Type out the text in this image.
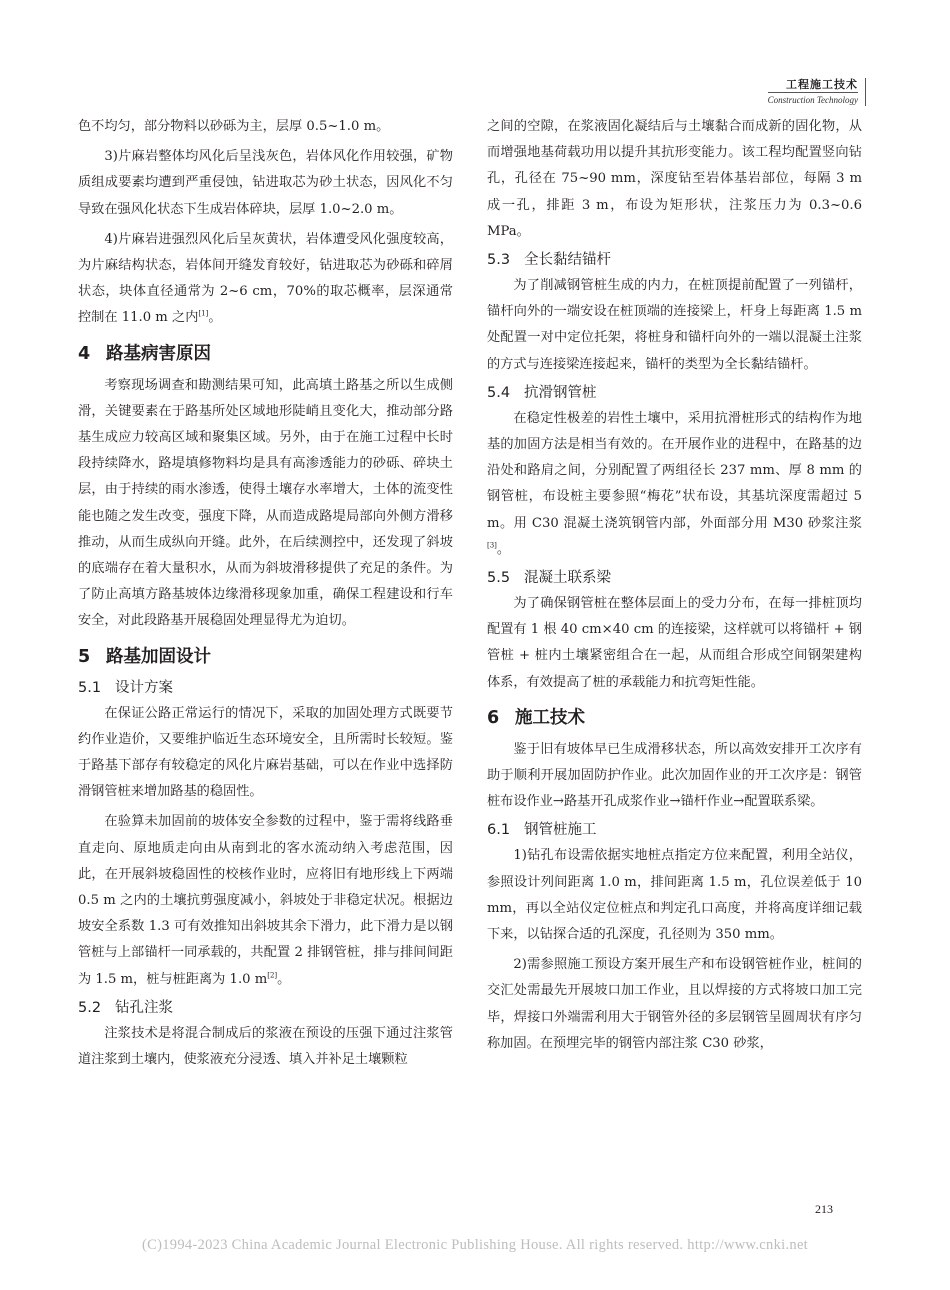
工程施工技术
Construction Technology

色不均匀，部分物料以砂砾为主，层厚 0.5~1.0 m。

3)片麻岩整体均风化后呈浅灰色，岩体风化作用较强，矿物质组成要素均遭到严重侵蚀，钻进取芯为砂土状态，因风化不匀导致在强风化状态下生成岩体碎块，层厚 1.0~2.0 m。

4)片麻岩进强烈风化后呈灰黄状，岩体遭受风化强度较高，为片麻结构状态，岩体间开缝发育较好，钻进取芯为砂砾和碎屑状态，块体直径通常为 2~6 cm，70%的取芯概率，层深通常控制在 11.0 m 之内[1]。

4 路基病害原因

考察现场调查和勘测结果可知，此高填土路基之所以生成侧滑，关键要素在于路基所处区域地形陡峭且变化大，推动部分路基生成应力较高区域和聚集区域。另外，由于在施工过程中长时段持续降水，路堤填修物料均是具有高渗透能力的砂砾、碎块土层，由于持续的雨水渗透，使得土壤存水率增大，土体的流变性能也随之发生改变，强度下降，从而造成路堤局部向外侧方滑移推动，从而生成纵向开缝。此外，在后续测控中，还发现了斜坡的底端存在着大量积水，从而为斜坡滑移提供了充足的条件。为了防止高填方路基坡体边缘滑移现象加重，确保工程建设和行车安全，对此段路基开展稳固处理显得尤为迫切。

5 路基加固设计
5.1 设计方案

在保证公路正常运行的情况下，采取的加固处理方式既要节约作业造价，又要维护临近生态环境安全，且所需时长较短。鉴于路基下部存有较稳定的风化片麻岩基础，可以在作业中选择防滑钢管桩来增加路基的稳固性。

在验算未加固前的坡体安全参数的过程中，鉴于需将线路垂直走向、原地质走向由从南到北的客水流动纳入考虑范围，因此，在开展斜坡稳固性的校核作业时，应将旧有地形线上下两端 0.5 m 之内的土壤抗剪强度减小，斜坡处于非稳定状况。根据边坡安全系数 1.3 可有效推知出斜坡其余下滑力，此下滑力是以钢管桩与上部锚杆一同承载的，共配置 2 排钢管桩，排与排间间距为 1.5 m，桩与桩距离为 1.0 m[2]。

5.2 钻孔注浆

注浆技术是将混合制成后的浆液在预设的压强下通过注浆管道注浆到土壤内，使浆液充分浸透、填入并补足土壤颗粒

之间的空隙，在浆液固化凝结后与土壤黏合而成新的固化物，从而增强地基荷载功用以提升其抗形变能力。该工程均配置竖向钻孔，孔径在 75~90 mm，深度钻至岩体基岩部位，每隔 3 m 成一孔，排距 3 m，布设为矩形状，注浆压力为 0.3~0.6 MPa。

5.3 全长黏结锚杆

为了削减钢管桩生成的内力，在桩顶提前配置了一列锚杆，锚杆向外的一端安设在桩顶端的连接梁上，杆身上每距离 1.5 m 处配置一对中定位托架，将桩身和锚杆向外的一端以混凝土注浆的方式与连接梁连接起来，锚杆的类型为全长黏结锚杆。

5.4 抗滑钢管桩

在稳定性极差的岩性土壤中，采用抗滑桩形式的结构作为地基的加固方法是相当有效的。在开展作业的进程中，在路基的边沿处和路肩之间，分别配置了两组径长 237 mm、厚 8 mm 的钢管桩，布设桩主要参照“梅花”状布设，其基坑深度需超过 5 m。用 C30 混凝土浇筑钢管内部，外面部分用 M30 砂浆注浆[3]。

5.5 混凝土联系梁

为了确保钢管桩在整体层面上的受力分布，在每一排桩顶均配置有 1 根 40 cm×40 cm 的连接梁，这样就可以将锚杆 + 钢管桩 + 桩内土壤紧密组合在一起，从而组合形成空间钢架建构体系，有效提高了桩的承载能力和抗弯矩性能。

6 施工技术

鉴于旧有坡体早已生成滑移状态，所以高效安排开工次序有助于顺利开展加固防护作业。此次加固作业的开工次序是：钢管桩布设作业→路基开孔成浆作业→锚杆作业→配置联系梁。

6.1 钢管桩施工

1)钻孔布设需依据实地桩点指定方位来配置，利用全站仪，参照设计列间距离 1.0 m，排间距离 1.5 m，孔位误差低于 10 mm，再以全站仪定位桩点和判定孔口高度，并将高度详细记载下来，以钻探合适的孔深度，孔径则为 350 mm。

2)需参照施工预设方案开展生产和布设钢管桩作业，桩间的交汇处需最先开展坡口加工作业，且以焊接的方式将坡口加工完毕，焊接口外端需利用大于钢管外径的多层钢管呈圆周状有序匀称加固。在预埋完毕的钢管内部注浆 C30 砂浆，

213
(C)1994-2023 China Academic Journal Electronic Publishing House. All rights reserved. http://www.cnki.net
